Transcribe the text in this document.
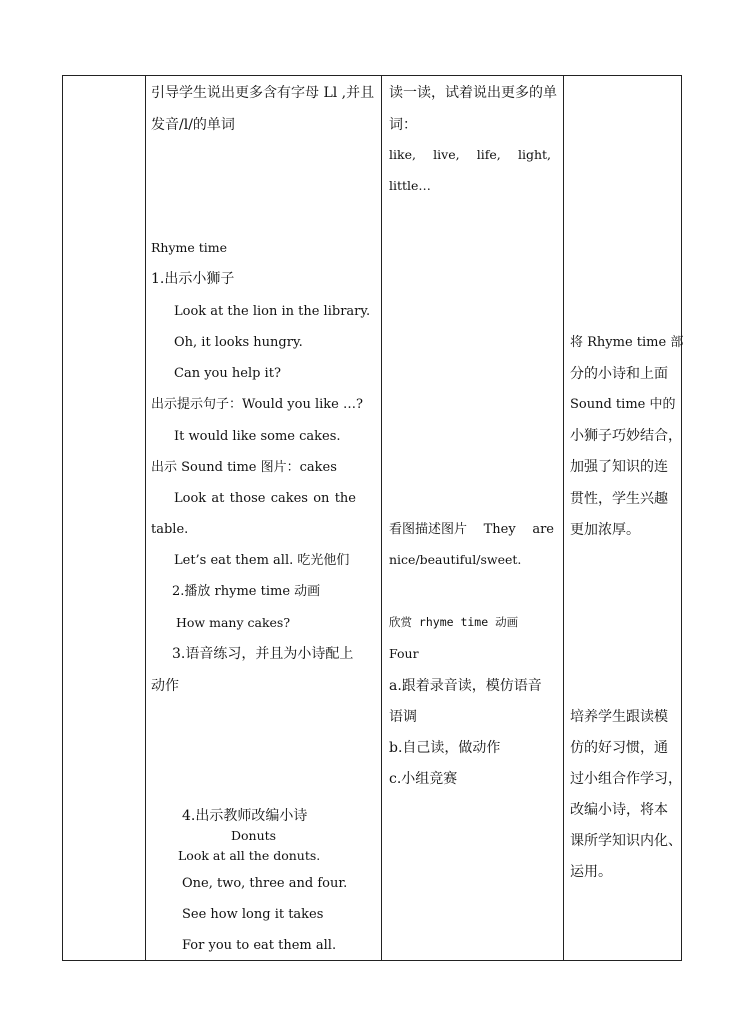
引导学生说出更多含有字母 Ll ,并且
发音/l/的单词
Rhyme time
1.出示小狮子
Look at the lion in the library.
Oh, it looks hungry.
Can you help it?
出示提示句子：Would you like …?
It would like some cakes.
出示 Sound time 图片：cakes
Look at those cakes on the
table.
Let’s eat them all. 吃光他们
2.播放 rhyme time 动画
How many cakes?
3.语音练习，并且为小诗配上
动作
4.出示教师改编小诗
Donuts
Look at all the donuts.
One, two, three and four.
See how long it takes
For you to eat them all.
读一读，试着说出更多的单
词：
like, live, life, light,
little…
看图描述图片 They are
nice/beautiful/sweet.
欣赏 rhyme time 动画
Four
a.跟着录音读，模仿语音
语调
b.自己读，做动作
c.小组竞赛
将 Rhyme time 部
分的小诗和上面
Sound time 中的
小狮子巧妙结合，
加强了知识的连
贯性，学生兴趣
更加浓厚。
培养学生跟读模
仿的好习惯，通
过小组合作学习，
改编小诗，将本
课所学知识内化、
运用。
